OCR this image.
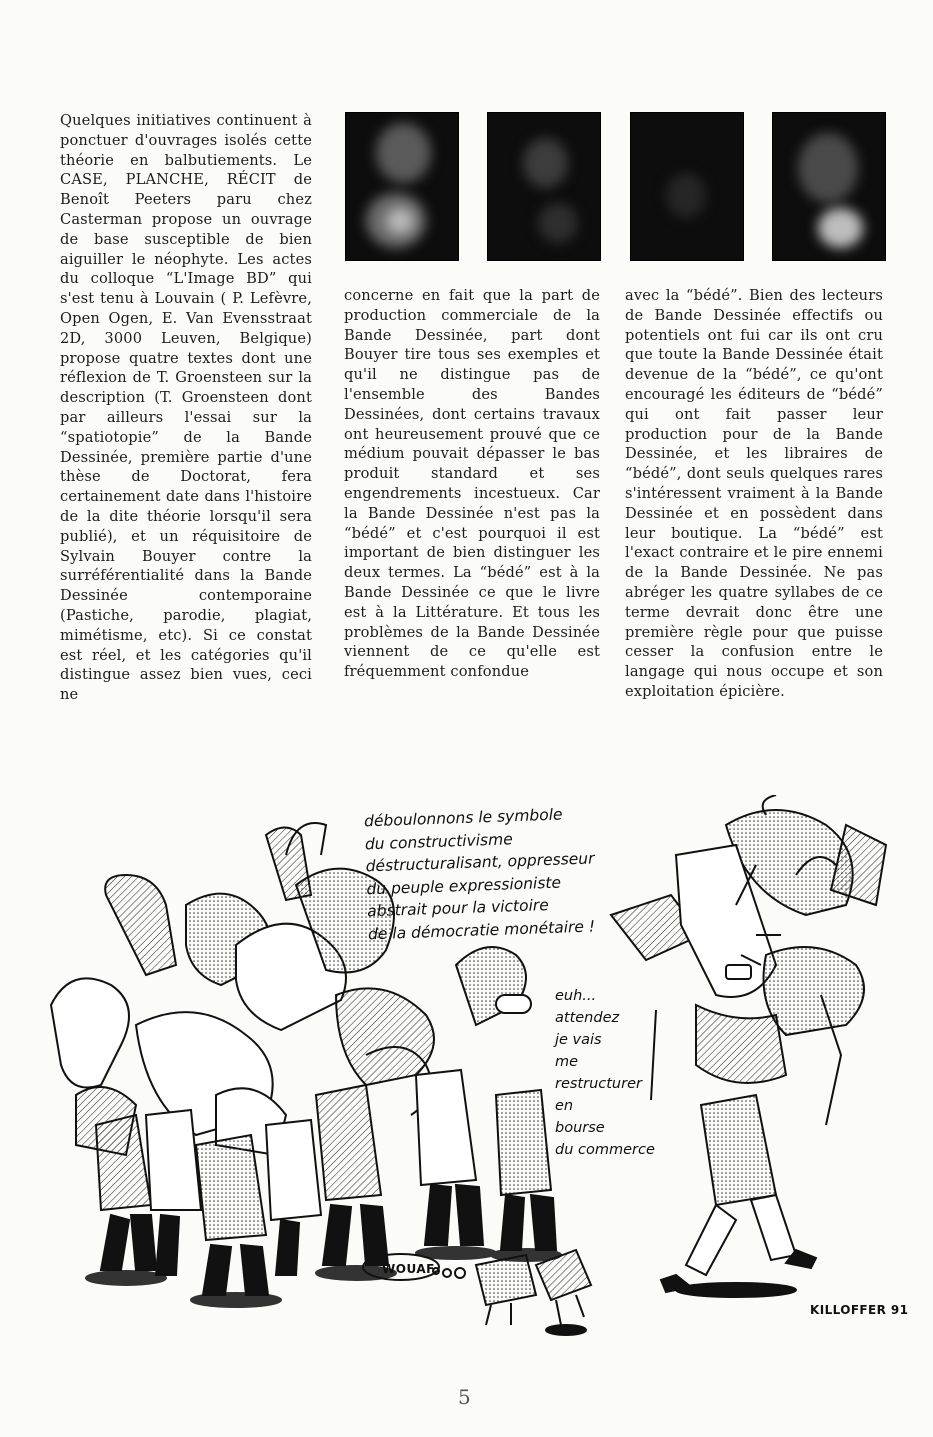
Quelques initiatives continuent à ponctuer d'ouvrages isolés cette théorie en balbutiements. Le CASE, PLANCHE, RÉCIT de Benoît Peeters paru chez Casterman propose un ouvrage de base susceptible de bien aiguiller le néophyte. Les actes du colloque “L'Image BD” qui s'est tenu à Louvain ( P. Lefèvre, Open Ogen, E. Van Evensstraat 2D, 3000 Leuven, Belgique) propose quatre textes dont une réflexion de T. Groensteen sur la description (T. Groensteen dont par ailleurs l'essai sur la “spatiotopie” de la Bande Dessinée, première partie d'une thèse de Doctorat, fera certainement date dans l'histoire de la dite théorie lorsqu'il sera publié), et un réquisitoire de Sylvain Bouyer contre la surréférentialité dans la Bande Dessinée contemporaine (Pastiche, parodie, plagiat, mimétisme, etc). Si ce constat est réel, et les catégories qu'il distingue assez bien vues, ceci ne

concerne en fait que la part de production commerciale de la Bande Dessinée, part dont Bouyer tire tous ses exemples et qu'il ne distingue pas de l'ensemble des Bandes Dessinées, dont certains travaux ont heureusement prouvé que ce médium pouvait dépasser le bas produit standard et ses engendrements incestueux. Car la Bande Dessinée n'est pas la “bédé” et c'est pourquoi il est important de bien distinguer les deux termes. La “bédé” est à la Bande Dessinée ce que le livre est à la Littérature. Et tous les problèmes de la Bande Dessinée viennent de ce qu'elle est fréquemment confondue

avec la “bédé”. Bien des lecteurs de Bande Dessinée effectifs ou potentiels ont fui car ils ont cru que toute la Bande Dessinée était devenue de la “bédé”, ce qu'ont encouragé les éditeurs de “bédé” qui ont fait passer leur production pour de la Bande Dessinée, et les libraires de “bédé”, dont seuls quelques rares s'intéressent vraiment à la Bande Dessinée et en possèdent dans leur boutique. La “bédé” est l'exact contraire et le pire ennemi de la Bande Dessinée. Ne pas abréger les quatre syllabes de ce terme devrait donc être une première règle pour que puisse cesser la confusion entre le langage qui nous occupe et son exploitation épicière.

déboulonnons le symbole
du constructivisme
déstructuralisant, oppresseur
du peuple expressioniste
abstrait pour la victoire
de la démocratie monétaire !

euh...
attendez
je vais
me
restructurer
en
bourse
du commerce

WOUAF.

KILLOFFER 91

5
